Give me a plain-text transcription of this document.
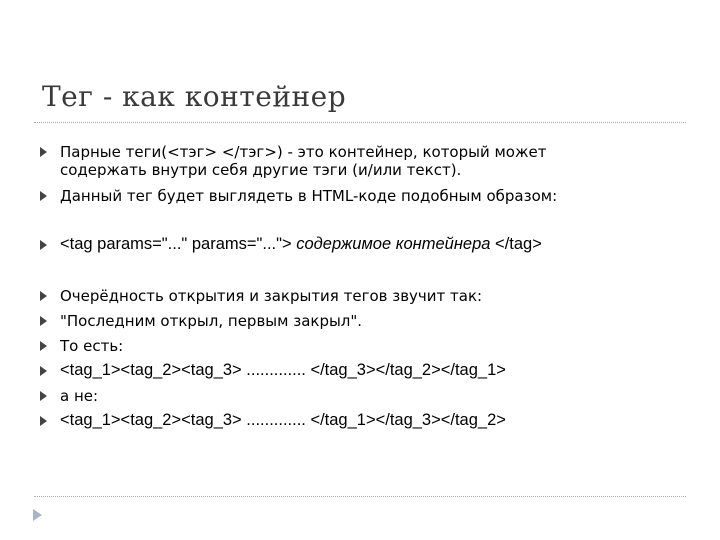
Тег - как контейнер
Парные теги(<тэг> </тэг>) - это контейнер, который может
содержать внутри себя другие тэги (и/или текст).
Данный тег будет выглядеть в HTML-коде подобным образом:
<tag params="..." params="..."> содержимое контейнера </tag>
Очерёдность открытия и закрытия тегов звучит так:
"Последним открыл, первым закрыл".
То есть:
<tag_1><tag_2><tag_3> ............. </tag_3></tag_2></tag_1>
а не:
<tag_1><tag_2><tag_3> ............. </tag_1></tag_3></tag_2>
